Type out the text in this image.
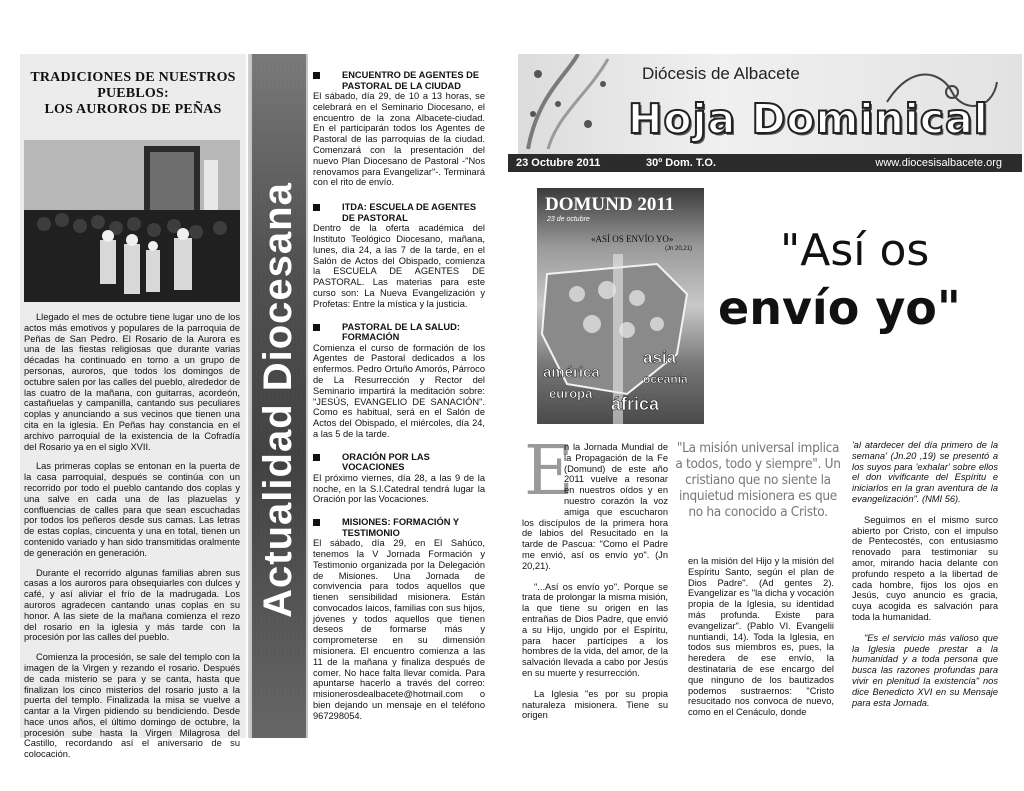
TRADICIONES DE NUESTROS
PUEBLOS:
LOS AUROROS DE PEÑAS

Llegado el mes de octubre tiene lugar uno de los actos más emotivos y populares de la parroquia de Peñas de San Pedro. El Rosario de la Aurora es una de las fiestas religiosas que durante varias décadas ha continuado en torno a un grupo de personas, auroros, que todos los domingos de octubre salen por las calles del pueblo, alrededor de las cuatro de la mañana, con guitarras, acordeón, castañuelas y campanilla, cantando sus peculiares coplas y anunciando a sus vecinos que tienen una cita en la iglesia. En Peñas hay constancia en el archivo parroquial de la existencia de la Cofradía del Rosario ya en el siglo XVII.

Las primeras coplas se entonan en la puerta de la casa parroquial, después se continúa con un recorrido por todo el pueblo cantando dos coplas y una salve en cada una de las plazuelas y confluencias de calles para que sean escuchadas por todos los peñeros desde sus camas. Las letras de estas coplas, cincuenta y una en total, tienen un contenido variado y han sido transmitidas oralmente de generación en generación.

Durante el recorrido algunas familias abren sus casas a los auroros para obsequiarles con dulces y café, y así aliviar el frío de la madrugada. Los auroros agradecen cantando unas coplas en su honor. A las siete de la mañana comienza el rezo del rosario en la iglesia y más tarde con la procesión por las calles del pueblo.

Comienza la procesión, se sale del templo con la imagen de la Virgen y rezando el rosario. Después de cada misterio se para y se canta, hasta que finalizan los cinco misterios del rosario justo a la puerta del templo. Finalizada la misa se vuelve a cantar a la Virgen pidiendo su bendiciendo. Desde hace unos años, el último domingo de octubre, la procesión sube hasta la Virgen Milagrosa del Castillo, recordando así el aniversario de su colocación.

Actualidad Diocesana
ENCUENTRO DE AGENTES DE PASTORAL DE LA CIUDAD
El sábado, día 29, de 10 a 13 horas, se celebrará en el Seminario Diocesano, el encuentro de la zona Albacete-ciudad. En el participarán todos los Agentes de Pastoral de las parroquias de la ciudad. Comenzará con la presentación del nuevo Plan Diocesano de Pastoral -"Nos renovamos para Evangelizar"-. Terminará con el rito de envío.
ITDA: ESCUELA DE AGENTES DE PASTORAL
Dentro de la oferta académica del Instituto Teológico Diocesano, mañana, lunes, día 24, a las 7 de la tarde, en el Salón de Actos del Obispado, comienza la ESCUELA DE AGENTES DE PASTORAL. Las materias para este curso son: La Nueva Evangelización y Profetas: Entre la mística y la justicia.
PASTORAL DE LA SALUD: FORMACIÓN
Comienza el curso de formación de los Agentes de Pastoral dedicados a los enfermos. Pedro Ortuño Amorós, Párroco de La Resurrección y Rector del Seminario impartirá la meditación sobre: "JESÚS, EVANGELIO DE SANACIÓN". Como es habitual, será en el Salón de Actos del Obispado, el miércoles, día 24, a las 5 de la tarde.
ORACIÓN POR LAS VOCACIONES
El próximo viernes, día 28, a las 9 de la noche, en la S.I.Catedral tendrá lugar la Oración por las Vocaciones.
MISIONES: FORMACIÓN Y TESTIMONIO
El sábado, día 29, en El Sahúco, tenemos la V Jornada Formación y Testimonio organizada por la Delegación de Misiones. Una Jornada de convivencia para todos aquellos que tienen sensibilidad misionera. Están convocados laicos, familias con sus hijos, jóvenes y todos aquellos que tienen deseos de formarse más y comprometerse en su dimensión misionera. El encuentro comienza a las 11 de la mañana y finaliza después de comer. No hace falta llevar comida. Para apuntarse hacerlo a través del correo: misionerosdealbacete@hotmail.com o bien dejando un mensaje en el teléfono 967298054.
Diócesis de Albacete
Hoja Dominical
23 Octubre 2011	30º Dom. T.O.	www.diocesisalbacete.org
DOMUND 2011
23 de octubre
«ASÍ OS ENVÍO YO»
(Jn 20,21)
asia
américa	oceanía
europa
áfrica
"Así os
envío yo"
E

n la Jornada Mundial de la Propagación de la Fe (Domund) de este año 2011 vuelve a resonar en nuestros oídos y en nuestro corazón la voz amiga que escucharon los discípulos de la primera hora de labios del Resucitado en la tarde de Pascua: "Como el Padre me envió, así os envío yo". (Jn 20,21).

"...Así os envío yo". Porque se trata de prolongar la misma misión, la que tiene su origen en las entrañas de Dios Padre, que envió a su Hijo, ungido por el Espíritu, para hacer partícipes a los hombres de la vida, del amor, de la salvación llevada a cabo por Jesús en su muerte y resurrección.

La Iglesia "es por su propia naturaleza misionera. Tiene su origen

"La misión universal implica a todos, todo y siempre". Un cristiano que no siente la inquietud misionera es que no ha conocido a Cristo.
en la misión del Hijo y la misión del Espíritu Santo, según el plan de Dios Padre". (Ad gentes 2). Evangelizar es "la dicha y vocación propia de la Iglesia, su identidad más profunda. Existe para evangelizar". (Pablo VI. Evangelii nuntiandi, 14). Toda la Iglesia, en todos sus miembros es, pues, la heredera de ese envío, la destinataria de ese encargo del que ninguno de los bautizados podemos sustraernos: "Cristo resucitado nos convoca de nuevo, como en el Cenáculo, donde

'al atardecer del día primero de la semana' (Jn.20 ,19) se presentó a los suyos para 'exhalar' sobre ellos el don vivificante del Espíritu e iniciarlos en la gran aventura de la evangelización". (NMI 56).

Seguimos en el mismo surco abierto por Cristo, con el impulso de Pentecostés, con entusiasmo renovado para testimoniar su amor, mirando hacia delante con profundo respeto a la libertad de cada hombre, fijos los ojos en Jesús, cuyo anuncio es gracia, cuya acogida es salvación para toda la humanidad.

"Es el servicio más valioso que la Iglesia puede prestar a la humanidad y a toda persona que busca las razones profundas para vivir en plenitud la existencia" nos dice Benedicto XVI en su Mensaje para esta Jornada.
